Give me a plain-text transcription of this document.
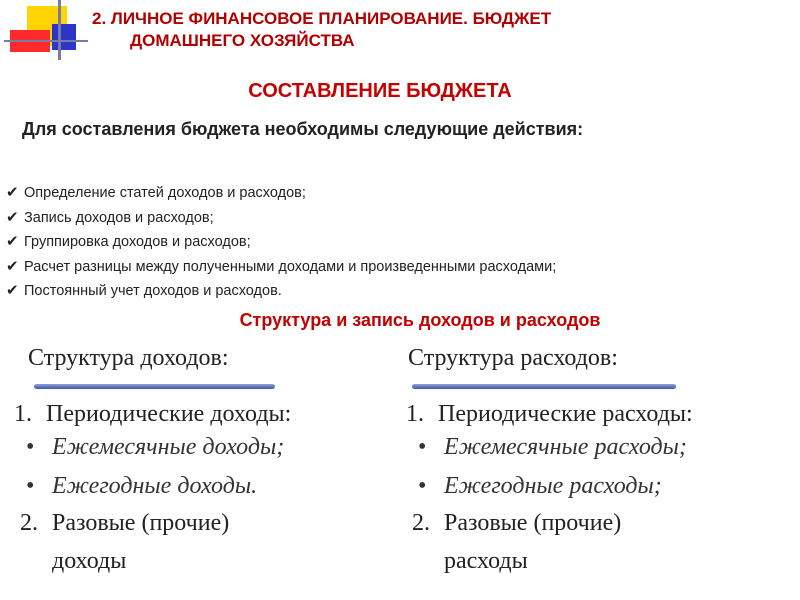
2. ЛИЧНОЕ ФИНАНСОВОЕ ПЛАНИРОВАНИЕ. БЮДЖЕТ
ДОМАШНЕГО ХОЗЯЙСТВА
СОСТАВЛЕНИЕ БЮДЖЕТА
Для составления бюджета необходимы следующие действия:
✔ Определение статей доходов и расходов;
✔ Запись доходов и расходов;
✔ Группировка доходов и расходов;
✔ Расчет разницы между полученными доходами и произведенными расходами;
✔ Постоянный учет доходов и расходов.
Структура и запись доходов и расходов
Структура доходов:
1. Периодические доходы:
• Ежемесячные доходы;
• Ежегодные доходы.
2. Разовые (прочие)
доходы
Структура расходов:
1. Периодические расходы:
• Ежемесячные расходы;
• Ежегодные расходы;
2. Разовые (прочие)
расходы
